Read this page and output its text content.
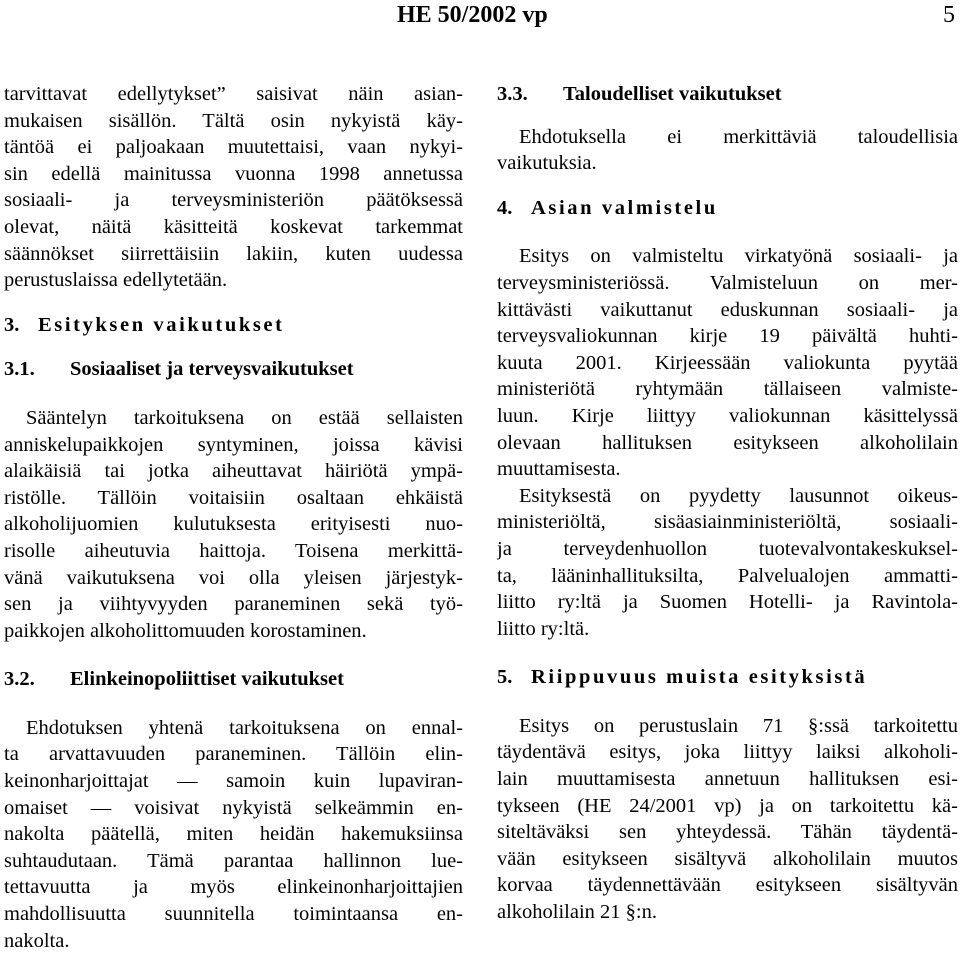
HE 50/2002 vp	5
tarvittavat edellytykset” saisivat näin asian-
mukaisen sisällön. Tältä osin nykyistä käy-
täntöä ei paljoakaan muutettaisi, vaan nykyi-
sin edellä mainitussa vuonna 1998 annetussa
sosiaali- ja terveysministeriön päätöksessä
olevat, näitä käsitteitä koskevat tarkemmat
säännökset siirrettäisiin lakiin, kuten uudessa
perustuslaissa edellytetään.
3. Esityksen vaikutukset
3.1. Sosiaaliset ja terveysvaikutukset
Sääntelyn tarkoituksena on estää sellaisten
anniskelupaikkojen syntyminen, joissa kävisi
alaikäisiä tai jotka aiheuttavat häiriötä ympä-
ristölle. Tällöin voitaisiin osaltaan ehkäistä
alkoholijuomien kulutuksesta erityisesti nuo-
risolle aiheutuvia haittoja. Toisena merkittä-
vänä vaikutuksena voi olla yleisen järjestyk-
sen ja viihtyvyyden paraneminen sekä työ-
paikkojen alkoholittomuuden korostaminen.
3.2. Elinkeinopoliittiset vaikutukset
Ehdotuksen yhtenä tarkoituksena on ennal-
ta arvattavuuden paraneminen. Tällöin elin-
keinonharjoittajat — samoin kuin lupaviran-
omaiset — voisivat nykyistä selkeämmin en-
nakolta päätellä, miten heidän hakemuksiinsa
suhtaudutaan. Tämä parantaa hallinnon lue-
tettavuutta ja myös elinkeinonharjoittajien
mahdollisuutta suunnitella toimintaansa en-
nakolta.
3.3. Taloudelliset vaikutukset
Ehdotuksella ei merkittäviä taloudellisia
vaikutuksia.
4. Asian valmistelu
Esitys on valmisteltu virkatyönä sosiaali- ja
terveysministeriössä. Valmisteluun on mer-
kittävästi vaikuttanut eduskunnan sosiaali- ja
terveysvaliokunnan kirje 19 päivältä huhti-
kuuta 2001. Kirjeessään valiokunta pyytää
ministeriötä ryhtymään tällaiseen valmiste-
luun. Kirje liittyy valiokunnan käsittelyssä
olevaan hallituksen esitykseen alkoholilain
muuttamisesta.
Esityksestä on pyydetty lausunnot oikeus-
ministeriöltä, sisäasiainministeriöltä, sosiaali-
ja terveydenhuollon tuotevalvontakeskuksel-
ta, lääninhallituksilta, Palvelualojen ammatti-
liitto ry:ltä ja Suomen Hotelli- ja Ravintola-
liitto ry:ltä.
5. Riippuvuus muista esityksistä
Esitys on perustuslain 71 §:ssä tarkoitettu
täydentävä esitys, joka liittyy laiksi alkoholi-
lain muuttamisesta annetuun hallituksen esi-
tykseen (HE 24/2001 vp) ja on tarkoitettu kä-
siteltäväksi sen yhteydessä. Tähän täydentä-
vään esitykseen sisältyvä alkoholilain muutos
korvaa täydennettävään esitykseen sisältyvän
alkoholilain 21 §:n.
